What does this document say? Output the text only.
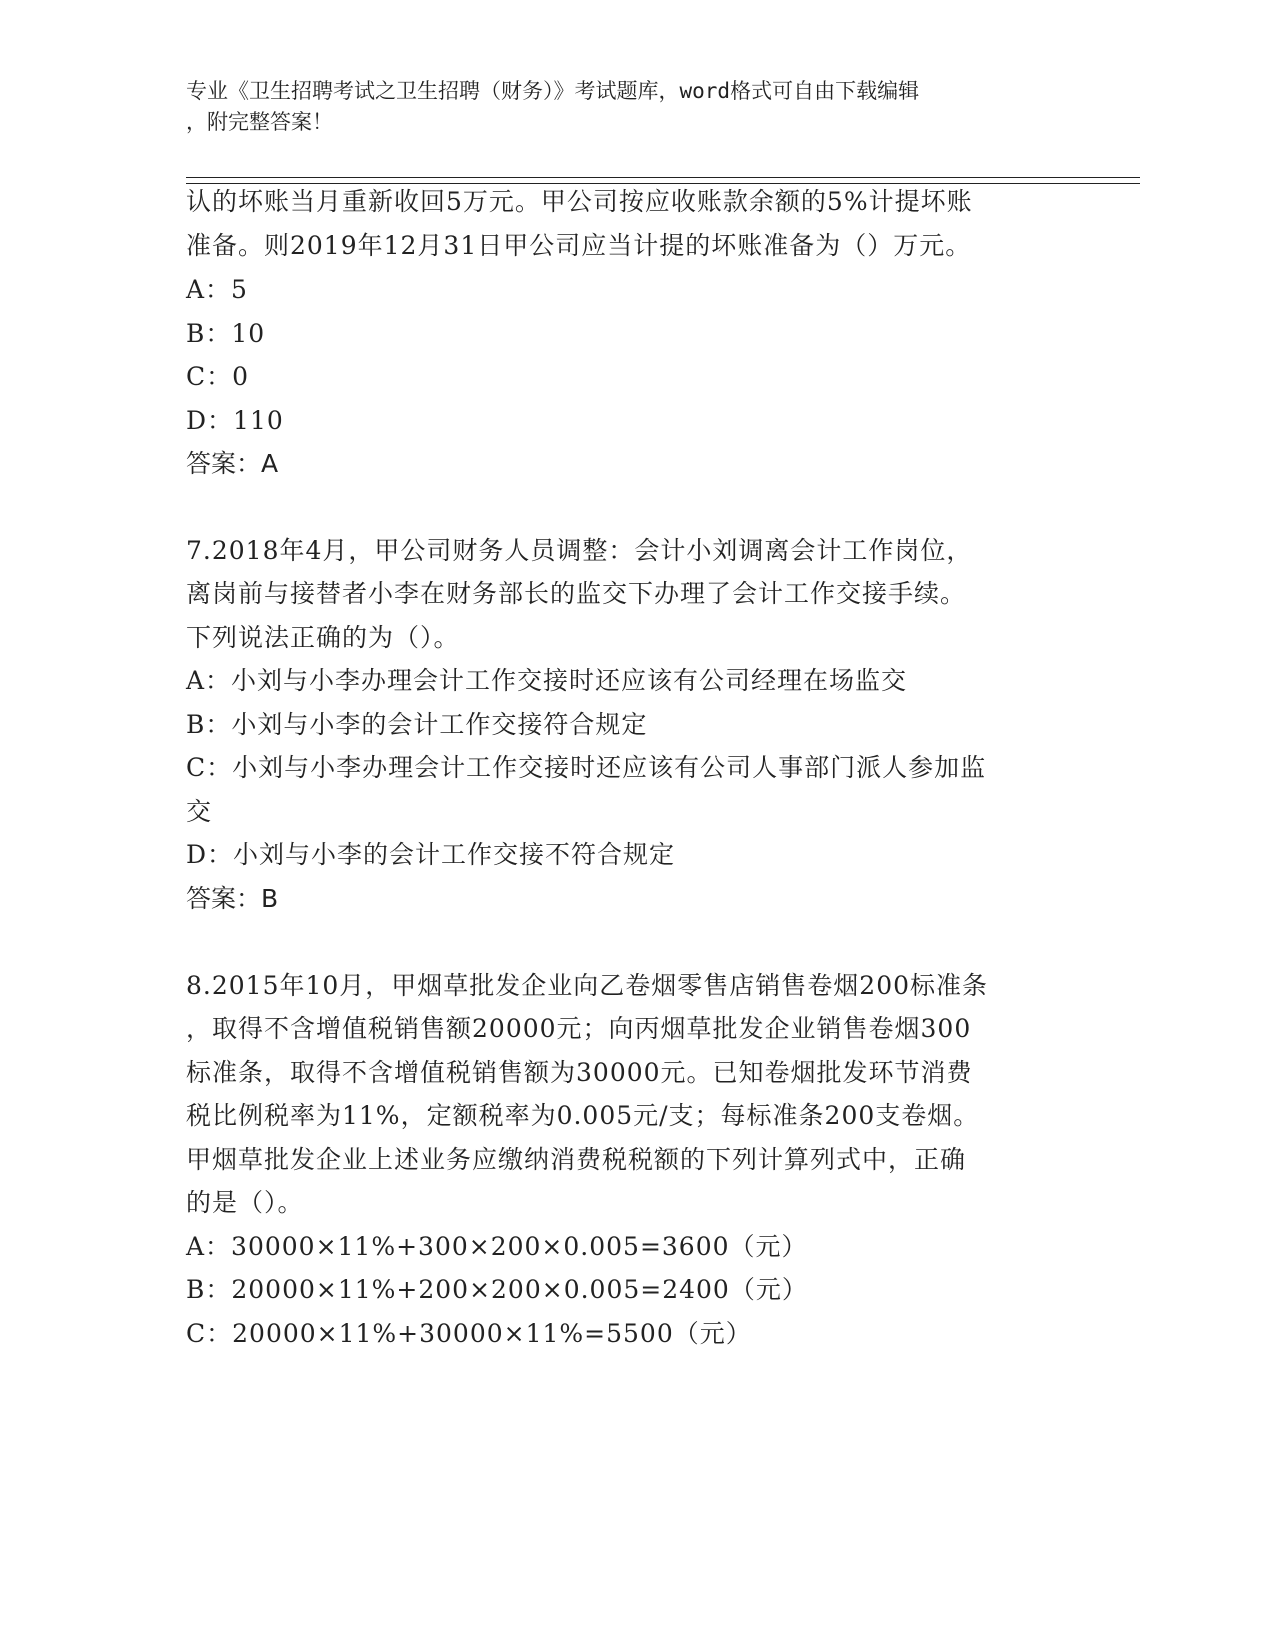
专业《卫生招聘考试之卫生招聘（财务）》考试题库，word格式可自由下载编辑
，附完整答案！
认的坏账当月重新收回5万元。甲公司按应收账款余额的5%计提坏账
准备。则2019年12月31日甲公司应当计提的坏账准备为（）万元。
A：5
B：10
C：0
D：110
答案：A
7.2018年4月，甲公司财务人员调整：会计小刘调离会计工作岗位，
离岗前与接替者小李在财务部长的监交下办理了会计工作交接手续。
下列说法正确的为（）。
A：小刘与小李办理会计工作交接时还应该有公司经理在场监交
B：小刘与小李的会计工作交接符合规定
C：小刘与小李办理会计工作交接时还应该有公司人事部门派人参加监
交
D：小刘与小李的会计工作交接不符合规定
答案：B
8.2015年10月，甲烟草批发企业向乙卷烟零售店销售卷烟200标准条
，取得不含增值税销售额20000元；向丙烟草批发企业销售卷烟300
标准条，取得不含增值税销售额为30000元。已知卷烟批发环节消费
税比例税率为11%，定额税率为0.005元/支；每标准条200支卷烟。
甲烟草批发企业上述业务应缴纳消费税税额的下列计算列式中，正确
的是（）。
A：30000×11%+300×200×0.005=3600（元）
B：20000×11%+200×200×0.005=2400（元）
C：20000×11%+30000×11%=5500（元）
